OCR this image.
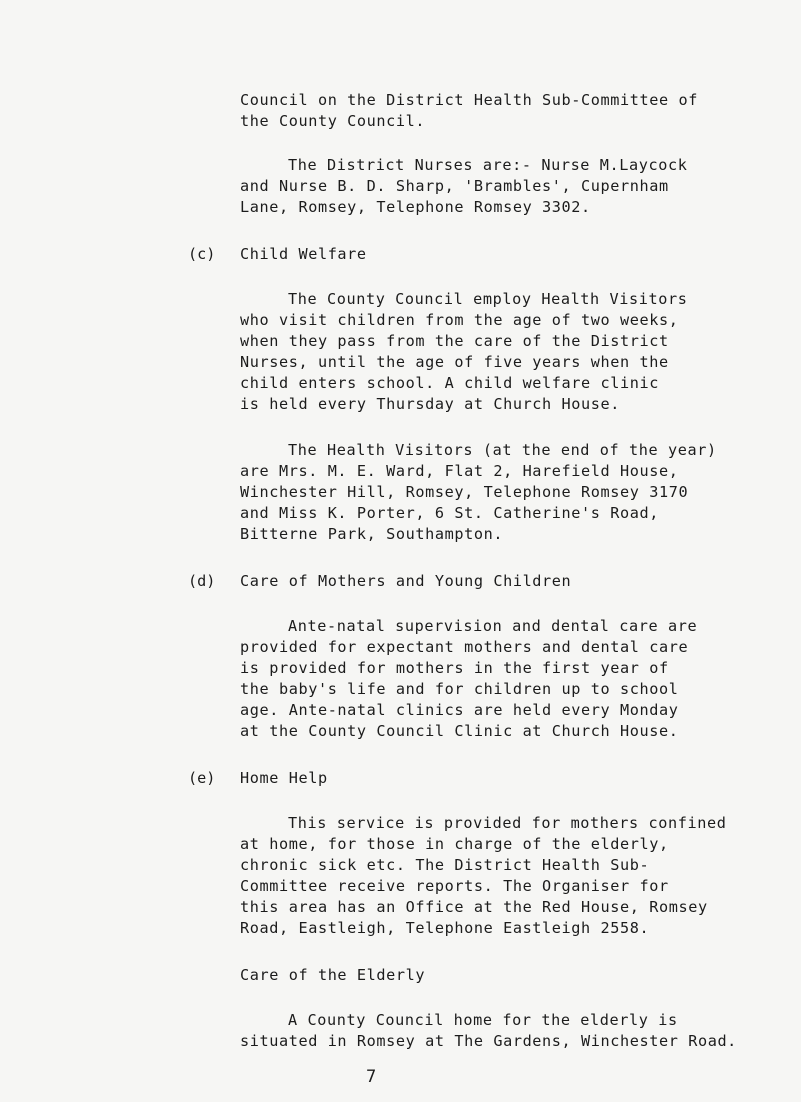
Council on the District Health Sub-Committee of
the County Council.
The District Nurses are:- Nurse M.Laycock
and Nurse B. D. Sharp, 'Brambles', Cupernham
Lane, Romsey, Telephone Romsey 3302.
(c) Child Welfare
The County Council employ Health Visitors
who visit children from the age of two weeks,
when they pass from the care of the District
Nurses, until the age of five years when the
child enters school. A child welfare clinic
is held every Thursday at Church House.
The Health Visitors (at the end of the year)
are Mrs. M. E. Ward, Flat 2, Harefield House,
Winchester Hill, Romsey, Telephone Romsey 3170
and Miss K. Porter, 6 St. Catherine's Road,
Bitterne Park, Southampton.
(d) Care of Mothers and Young Children
Ante-natal supervision and dental care are
provided for expectant mothers and dental care
is provided for mothers in the first year of
the baby's life and for children up to school
age. Ante-natal clinics are held every Monday
at the County Council Clinic at Church House.
(e) Home Help
This service is provided for mothers confined
at home, for those in charge of the elderly,
chronic sick etc. The District Health Sub-
Committee receive reports. The Organiser for
this area has an Office at the Red House, Romsey
Road, Eastleigh, Telephone Eastleigh 2558.
Care of the Elderly
A County Council home for the elderly is
situated in Romsey at The Gardens, Winchester Road.
7
